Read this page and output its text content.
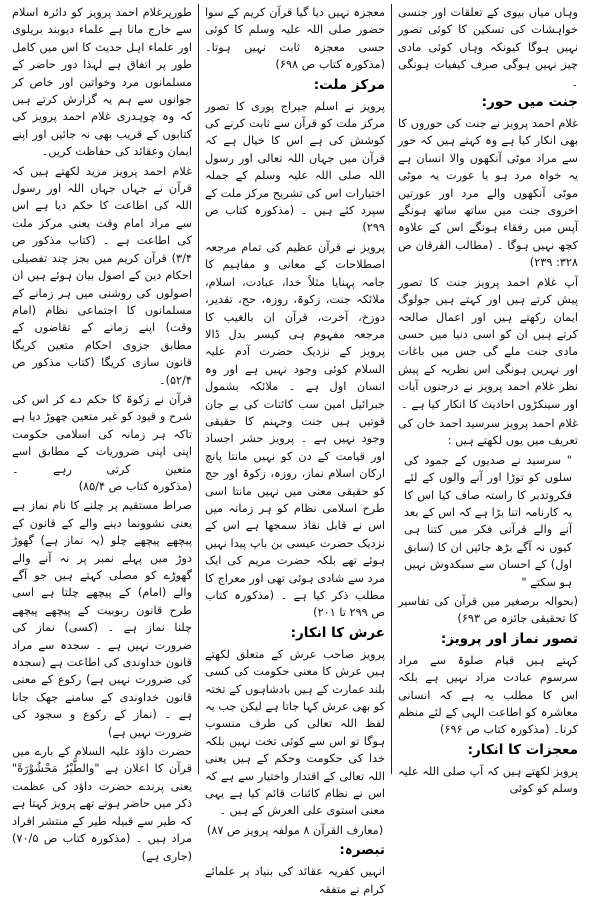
طورپرغلام احمد پرویز کو دائرہ اسلام سے خارج مانا ہے علماء دیوبند بریلوی اور علماء اہل حدیث کا اس میں کامل طور پر اتفاق ہے لہذا دور حاضر کے مسلمانوں مرد وخواتین اور خاص کر جوانوں سے ہم یہ گزارش کرتے ہیں کہ وہ چوہدری غلام احمد پرویز کی کتابوں کے قریب بھی نہ جائیں اور اپنے ایمان وعقائد کی حفاظت کریں۔

غلام احمد پرویز مزید لکھتے ہیں کہ قرآن نے جہاں جہاں اللہ اور رسول اللہ کی اطاعت کا حکم دیا ہے اس سے مراد امام وقت یعنی مرکز ملت کی اطاعت ہے ۔ (کتاب مذکور ص ۳/۴) قرآن کریم میں بجز چند تفصیلی احکام دین کے اصول بیان ہوئے ہیں ان اصولوں کی روشنی میں ہر زمانے کے مسلمانوں کا اجتماعی نظام (امام وقت) اپنے زمانے کے تقاضوں کے مطابق جزوی احکام متعین کریگا قانون سازی کریگا (کتاب مذکور ص ۵۲/۴)۔

قرآن نے زکوۃ کا حکم دے کر اس کی شرح و قیود کو غیر متعین چھوڑ دیا ہے تاکہ ہر زمانہ کی اسلامی حکومت اپنی اپنی ضروریات کے مطابق اسے متعین کرتی رہے ۔ (مذکورہ کتاب ص ۸۵/۴)

صراط مستقیم پر چلنے کا نام نماز ہے یعنی نشوونما دینے والے کے قانون کے پیچھے پیچھے چلو (یہ نماز ہے) گھوڑ دوڑ میں پہلے نمبر پر نہ آنے والے گھوڑے کو مصلی کہتے ہیں جو آگے والے (امام) کے پیچھے چلتا ہے اسی طرح قانون ربوبیت کے پیچھے پیچھے چلنا نماز ہے ۔ (کسی) نماز کی ضرورت نہیں ہے ۔ سجدہ سے مراد قانون خداوندی کی اطاعت ہے (سجدہ کی ضرورت نہیں ہے) رکوع کے معنی قانون خداوندی کے سامنے جھک جانا ہے ۔ (نماز کے رکوع و سجود کی ضرورت نہیں ہے)

حضرت داؤد علیہ السلام کے بارے میں قرآن کا اعلان ہے "والطَّیْرُ مَحْشُوْرَةً" یعنی پرندے حضرت داؤد کی عظمت ذکر میں حاضر ہوتے تھے پرویز کہتا ہے کہ طیر سے قبیلہ طیر کے منتشر افراد مراد ہیں ۔ (مذکورہ کتاب ص ۷۰/۵) (جاری ہے)

معجزہ نہیں دیا گیا قرآن کریم کے سوا حضور صلی اللہ علیہ وسلم کا کوئی حسی معجزہ ثابت نہیں ہوتا۔ (مذکورہ کتاب ص ۶۹۸)

مرکز ملت:

پرویز نے اسلم جیراج پوری کا تصور مرکز ملت کو قرآن سے ثابت کرنے کی کوشش کی ہے اس کا خیال ہے کہ قرآن میں جہاں اللہ تعالی اور رسول اللہ صلی اللہ علیہ وسلم کے جملہ اختیارات اس کی تشریح مرکز ملت کے سپرد کئے ہیں ۔ (مذکورہ کتاب ص ۲۹۹)

پرویز نے قرآن عظیم کی تمام مرجعہ اصطلاحات کے معانی و مفاہیم کا جامہ پہنایا مثلاً خدا، عبادت، اسلام، ملائکہ جنت، زکوۃ، روزہ، حج، تقدیر، دوزخ، آخرت، قرآن ان بالغیب کا مرجعہ مفہوم ہی کیسر بدل ڈالا پرویز کے نزدیک حضرت آدم علیہ السلام کوئی وجود نہیں ہے اور وہ انسان اول ہے ۔ ملائکہ بشمول جبرائیل امین سب کائنات کی بے جان قوتیں ہیں جنت وجہنم کا حقیقی وجود نہیں ہے ۔ پرویز حشر اجساد اور قیامت کے دن کو نہیں مانتا پانچ ارکان اسلام نماز، روزہ، زکوۃ اور حج کو حقیقی معنی میں نہیں مانتا اسی طرح اسلامی نظام کو ہر زمانہ میں اس نے قابل نفاذ سمجھا ہے اس کے نزدیک حضرت عیسی بن باپ پیدا نہیں ہوئے تھے بلکہ حضرت مریم کی ایک مرد سے شادی ہوئی تھی اور معراج کا مطلب ذکر کیا ہے ۔ (مذکورہ کتاب ص ۲۹۹ تا ۲۰۱)

عرش کا انکار:

پرویز صاحب عرش کے متعلق لکھتے ہیں عرش کا معنی حکومت کی کسی بلند عمارت کے ہیں بادشاہوں کے تختہ کو بھی عرش کہا جاتا ہے لیکن جب یہ لفظ اللہ تعالی کی طرف منسوب ہوگا تو اس سے کوئی تخت نہیں بلکہ خدا کی حکومت وحکم کے ہیں یعنی اللہ تعالی کے اقتدار واختیار سے ہے کہ اس نے نظام کائنات قائم کیا ہے یہی معنی استوی علی العرش کے ہیں ۔

(معارف القرآن ۸ مولفہ پرویز ص ۸۷)

تبصرہ:

انہیں کفریہ عقائد کی بنیاد پر علمائے کرام نے متفقہ

وہاں میاں بیوی کے تعلقات اور جنسی خواہشات کی تسکین کا کوئی تصور نہیں ہوگا کیونکہ وہاں کوئی مادی چیز نہیں ہوگی صرف کیفیات ہونگی ۔

جنت میں حور:

غلام احمد پرویز نے جنت کی حوروں کا بھی انکار کیا ہے وہ کہتے ہیں کہ حور سے مراد موٹی آنکھوں والا انسان ہے یہ خواہ مرد ہو یا عورت یہ موٹی موٹی آنکھوں والے مرد اور عورتیں اخروی جنت میں ساتھ ساتھ ہونگے آپس میں رفقاء ہونگے اس کے علاوہ کچھ نہیں ہوگا ۔ (مطالب الفرقان ص ۳۲۸: ۲۳۹)

آپ غلام احمد پرویز جنت کا تصور پیش کرتے ہیں اور کہتے ہیں جولوگ ایمان رکھتے ہیں اور اعمال صالحہ کرتے ہیں ان کو اسی دنیا میں حسی مادی جنت ملے گی جس میں باغات اور نہریں ہونگی اس نظریہ کے پیش نظر غلام احمد پرویز نے درجنوں آیات اور سینکڑوں احادیث کا انکار کیا ہے ۔

غلام احمد پرویز سرسید احمد خان کی تعریف میں یوں لکھتے ہیں :

" سرسید نے صدیوں کے جمود کی سلوں کو توڑا اور آنے والوں کے لئے فکروتدبر کا راستہ صاف کیا اس کا یہ کارنامہ اتنا بڑا ہے کہ اس کے بعد آنے والے قرآنی فکر میں کتنا ہی کیوں نہ آگے بڑھ جائیں ان کا (سابق اول) کے احسان سے سبکدوش نہیں ہو سکتے "

(بحوالہ برصغیر میں قرآن کی تفاسیر کا تحقیقی جائزہ ص ۶۹۳)

تصور نماز اور پرویز:

کہتے ہیں قیام صلوۃ سے مراد سرسوم عبادت مراد نہیں ہے بلکہ اس کا مطلب یہ ہے کہ انسانی معاشرہ کو اطاعت الہی کے لئے منظم کرنا۔ (مذکورہ کتاب ص ۶۹۶)

معجزات کا انکار:

پرویز لکھتے ہیں کہ آپ صلی اللہ علیہ وسلم کو کوئی
